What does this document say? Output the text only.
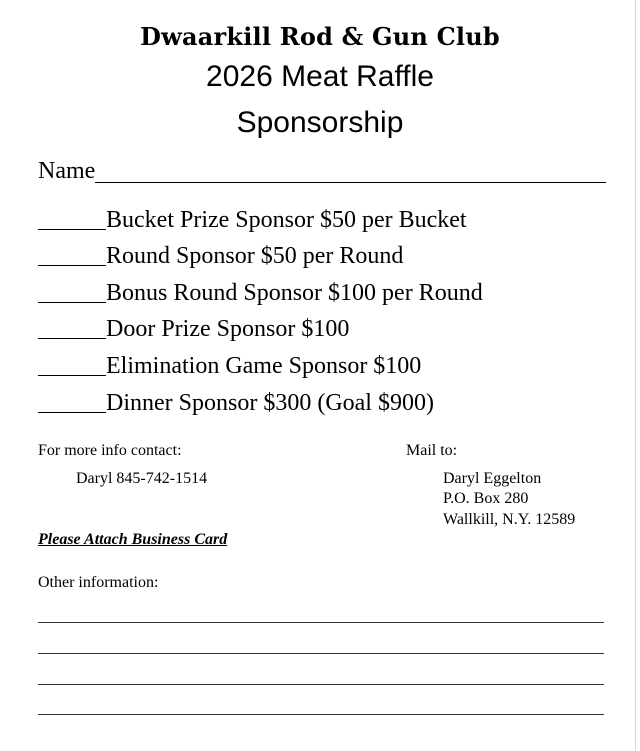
Dwaarkill Rod & Gun Club
2026 Meat Raffle
Sponsorship
Name
Bucket Prize Sponsor $50 per Bucket
Round Sponsor $50 per Round
Bonus Round Sponsor $100 per Round
Door Prize Sponsor $100
Elimination Game Sponsor $100
Dinner Sponsor $300 (Goal $900)
For more info contact:
Daryl 845-742-1514
Mail to:
Daryl Eggelton
P.O. Box 280
Wallkill, N.Y. 12589
Please Attach Business Card
Other information:
